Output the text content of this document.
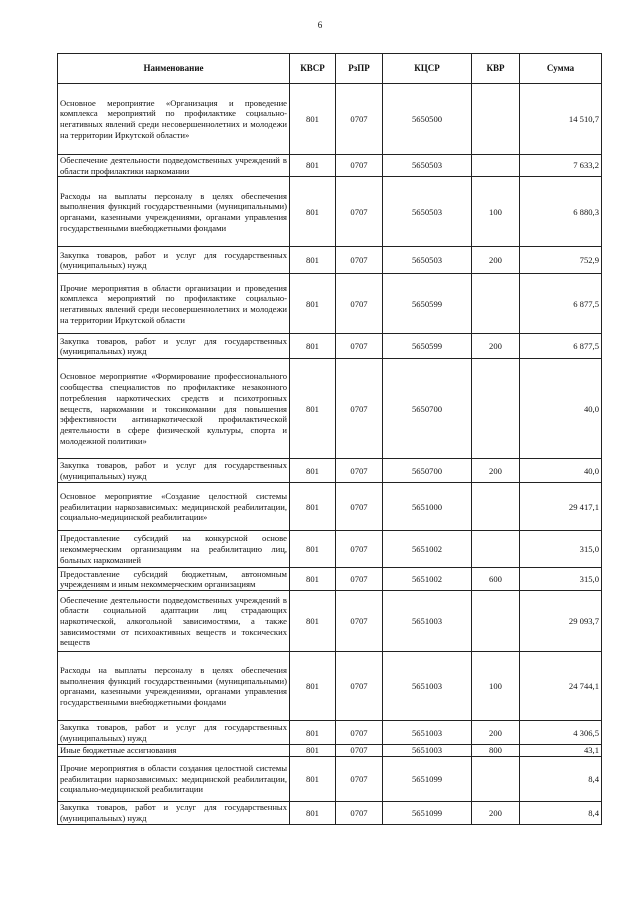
6
Наименование	КВСР	РзПР	КЦСР	КВР	Сумма
Основное мероприятие «Организация и проведение комплекса мероприятий по профилактике социально-негативных явлений среди несовершеннолетних и молодежи на территории Иркутской области»	801	0707	5650500		14 510,7
Обеспечение деятельности подведомственных учреждений в области профилактики наркомании	801	0707	5650503		7 633,2
Расходы на выплаты персоналу в целях обеспечения выполнения функций государственными (муниципальными) органами, казенными учреждениями, органами управления государственными внебюджетными фондами	801	0707	5650503	100	6 880,3
Закупка товаров, работ и услуг для государственных (муниципальных) нужд	801	0707	5650503	200	752,9
Прочие мероприятия в области организации и проведения комплекса мероприятий по профилактике социально-негативных явлений среди несовершеннолетних и молодежи на территории Иркутской области	801	0707	5650599		6 877,5
Закупка товаров, работ и услуг для государственных (муниципальных) нужд	801	0707	5650599	200	6 877,5
Основное мероприятие «Формирование профессионального сообщества специалистов по профилактике незаконного потребления наркотических средств и психотропных веществ, наркомании и токсикомании для повышения эффективности антинаркотической профилактической деятельности в сфере физической культуры, спорта и молодежной политики»	801	0707	5650700		40,0
Закупка товаров, работ и услуг для государственных (муниципальных) нужд	801	0707	5650700	200	40,0
Основное мероприятие «Создание целостной системы реабилитации наркозависимых: медицинской реабилитации, социально-медицинской реабилитации»	801	0707	5651000		29 417,1
Предоставление субсидий на конкурсной основе некоммерческим организациям на реабилитацию лиц, больных наркоманией	801	0707	5651002		315,0
Предоставление субсидий бюджетным, автономным учреждениям и иным некоммерческим организациям	801	0707	5651002	600	315,0
Обеспечение деятельности подведомственных учреждений в области социальной адаптации лиц страдающих наркотической, алкогольной зависимостями, а также зависимостями от психоактивных веществ и токсических веществ	801	0707	5651003		29 093,7
Расходы на выплаты персоналу в целях обеспечения выполнения функций государственными (муниципальными) органами, казенными учреждениями, органами управления государственными внебюджетными фондами	801	0707	5651003	100	24 744,1
Закупка товаров, работ и услуг для государственных (муниципальных) нужд	801	0707	5651003	200	4 306,5
Иные бюджетные ассигнования	801	0707	5651003	800	43,1
Прочие мероприятия в области создания целостной системы реабилитации наркозависимых: медицинской реабилитации, социально-медицинской реабилитации	801	0707	5651099		8,4
Закупка товаров, работ и услуг для государственных (муниципальных) нужд	801	0707	5651099	200	8,4
